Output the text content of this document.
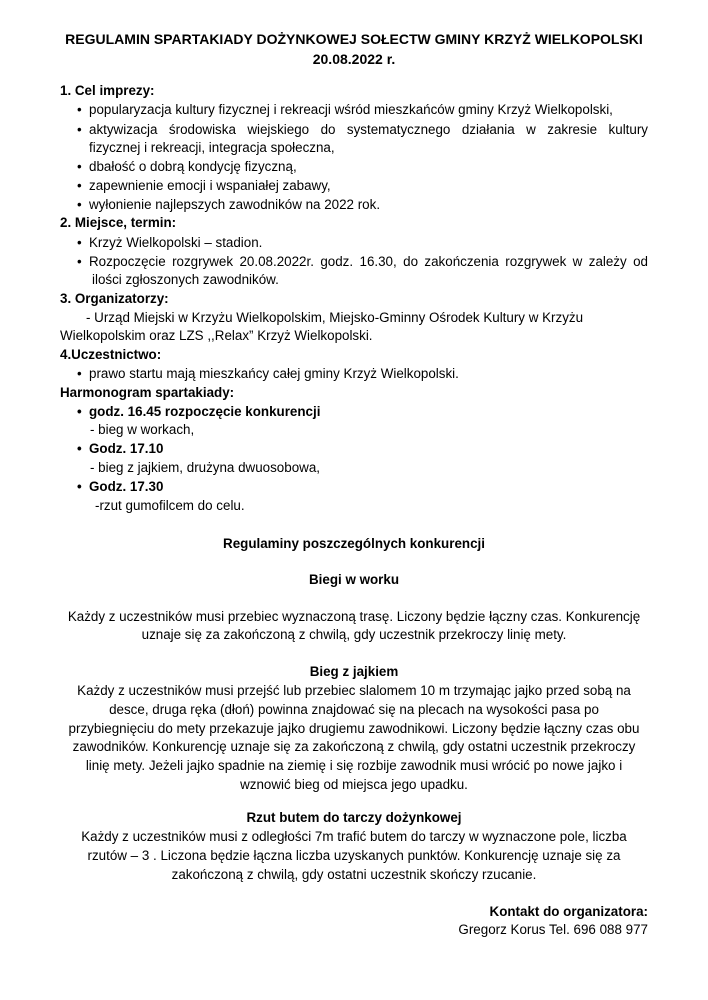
REGULAMIN SPARTAKIADY DOŻYNKOWEJ SOŁECTW GMINY KRZYŻ WIELKOPOLSKI
20.08.2022 r.
1. Cel imprezy:
• popularyzacja kultury fizycznej i rekreacji wśród mieszkańców gminy Krzyż Wielkopolski,
• aktywizacja środowiska wiejskiego do systematycznego działania w zakresie kultury
fizycznej i rekreacji, integracja społeczna,
• dbałość o dobrą kondycję fizyczną,
• zapewnienie emocji i wspaniałej zabawy,
• wyłonienie najlepszych zawodników na 2022 rok.
2. Miejsce, termin:
• Krzyż Wielkopolski – stadion.
• Rozpoczęcie rozgrywek 20.08.2022r. godz. 16.30, do zakończenia rozgrywek w zależy od
ilości zgłoszonych zawodników.
3. Organizatorzy:
- Urząd Miejski w Krzyżu Wielkopolskim, Miejsko-Gminny Ośrodek Kultury w Krzyżu
Wielkopolskim oraz LZS ,,Relax” Krzyż Wielkopolski.
4.Uczestnictwo:
• prawo startu mają mieszkańcy całej gminy Krzyż Wielkopolski.
Harmonogram spartakiady:
• godz. 16.45 rozpoczęcie konkurencji
- bieg w workach,
• Godz. 17.10
- bieg z jajkiem, drużyna dwuosobowa,
• Godz. 17.30
-rzut gumofilcem do celu.
Regulaminy poszczególnych konkurencji
Biegi w worku
Każdy z uczestników musi przebiec wyznaczoną trasę. Liczony będzie łączny czas. Konkurencję
uznaje się za zakończoną z chwilą, gdy uczestnik przekroczy linię mety.
Bieg z jajkiem
Każdy z uczestników musi przejść lub przebiec slalomem 10 m trzymając jajko przed sobą na
desce, druga ręka (dłoń) powinna znajdować się na plecach na wysokości pasa po
przybiegnięciu do mety przekazuje jajko drugiemu zawodnikowi. Liczony będzie łączny czas obu
zawodników. Konkurencję uznaje się za zakończoną z chwilą, gdy ostatni uczestnik przekroczy
linię mety. Jeżeli jajko spadnie na ziemię i się rozbije zawodnik musi wrócić po nowe jajko i
wznowić bieg od miejsca jego upadku.
Rzut butem do tarczy dożynkowej
Każdy z uczestników musi z odległości 7m trafić butem do tarczy w wyznaczone pole, liczba
rzutów – 3 . Liczona będzie łączna liczba uzyskanych punktów. Konkurencję uznaje się za
zakończoną z chwilą, gdy ostatni uczestnik skończy rzucanie.
Kontakt do organizatora:
Gregorz Korus Tel. 696 088 977
